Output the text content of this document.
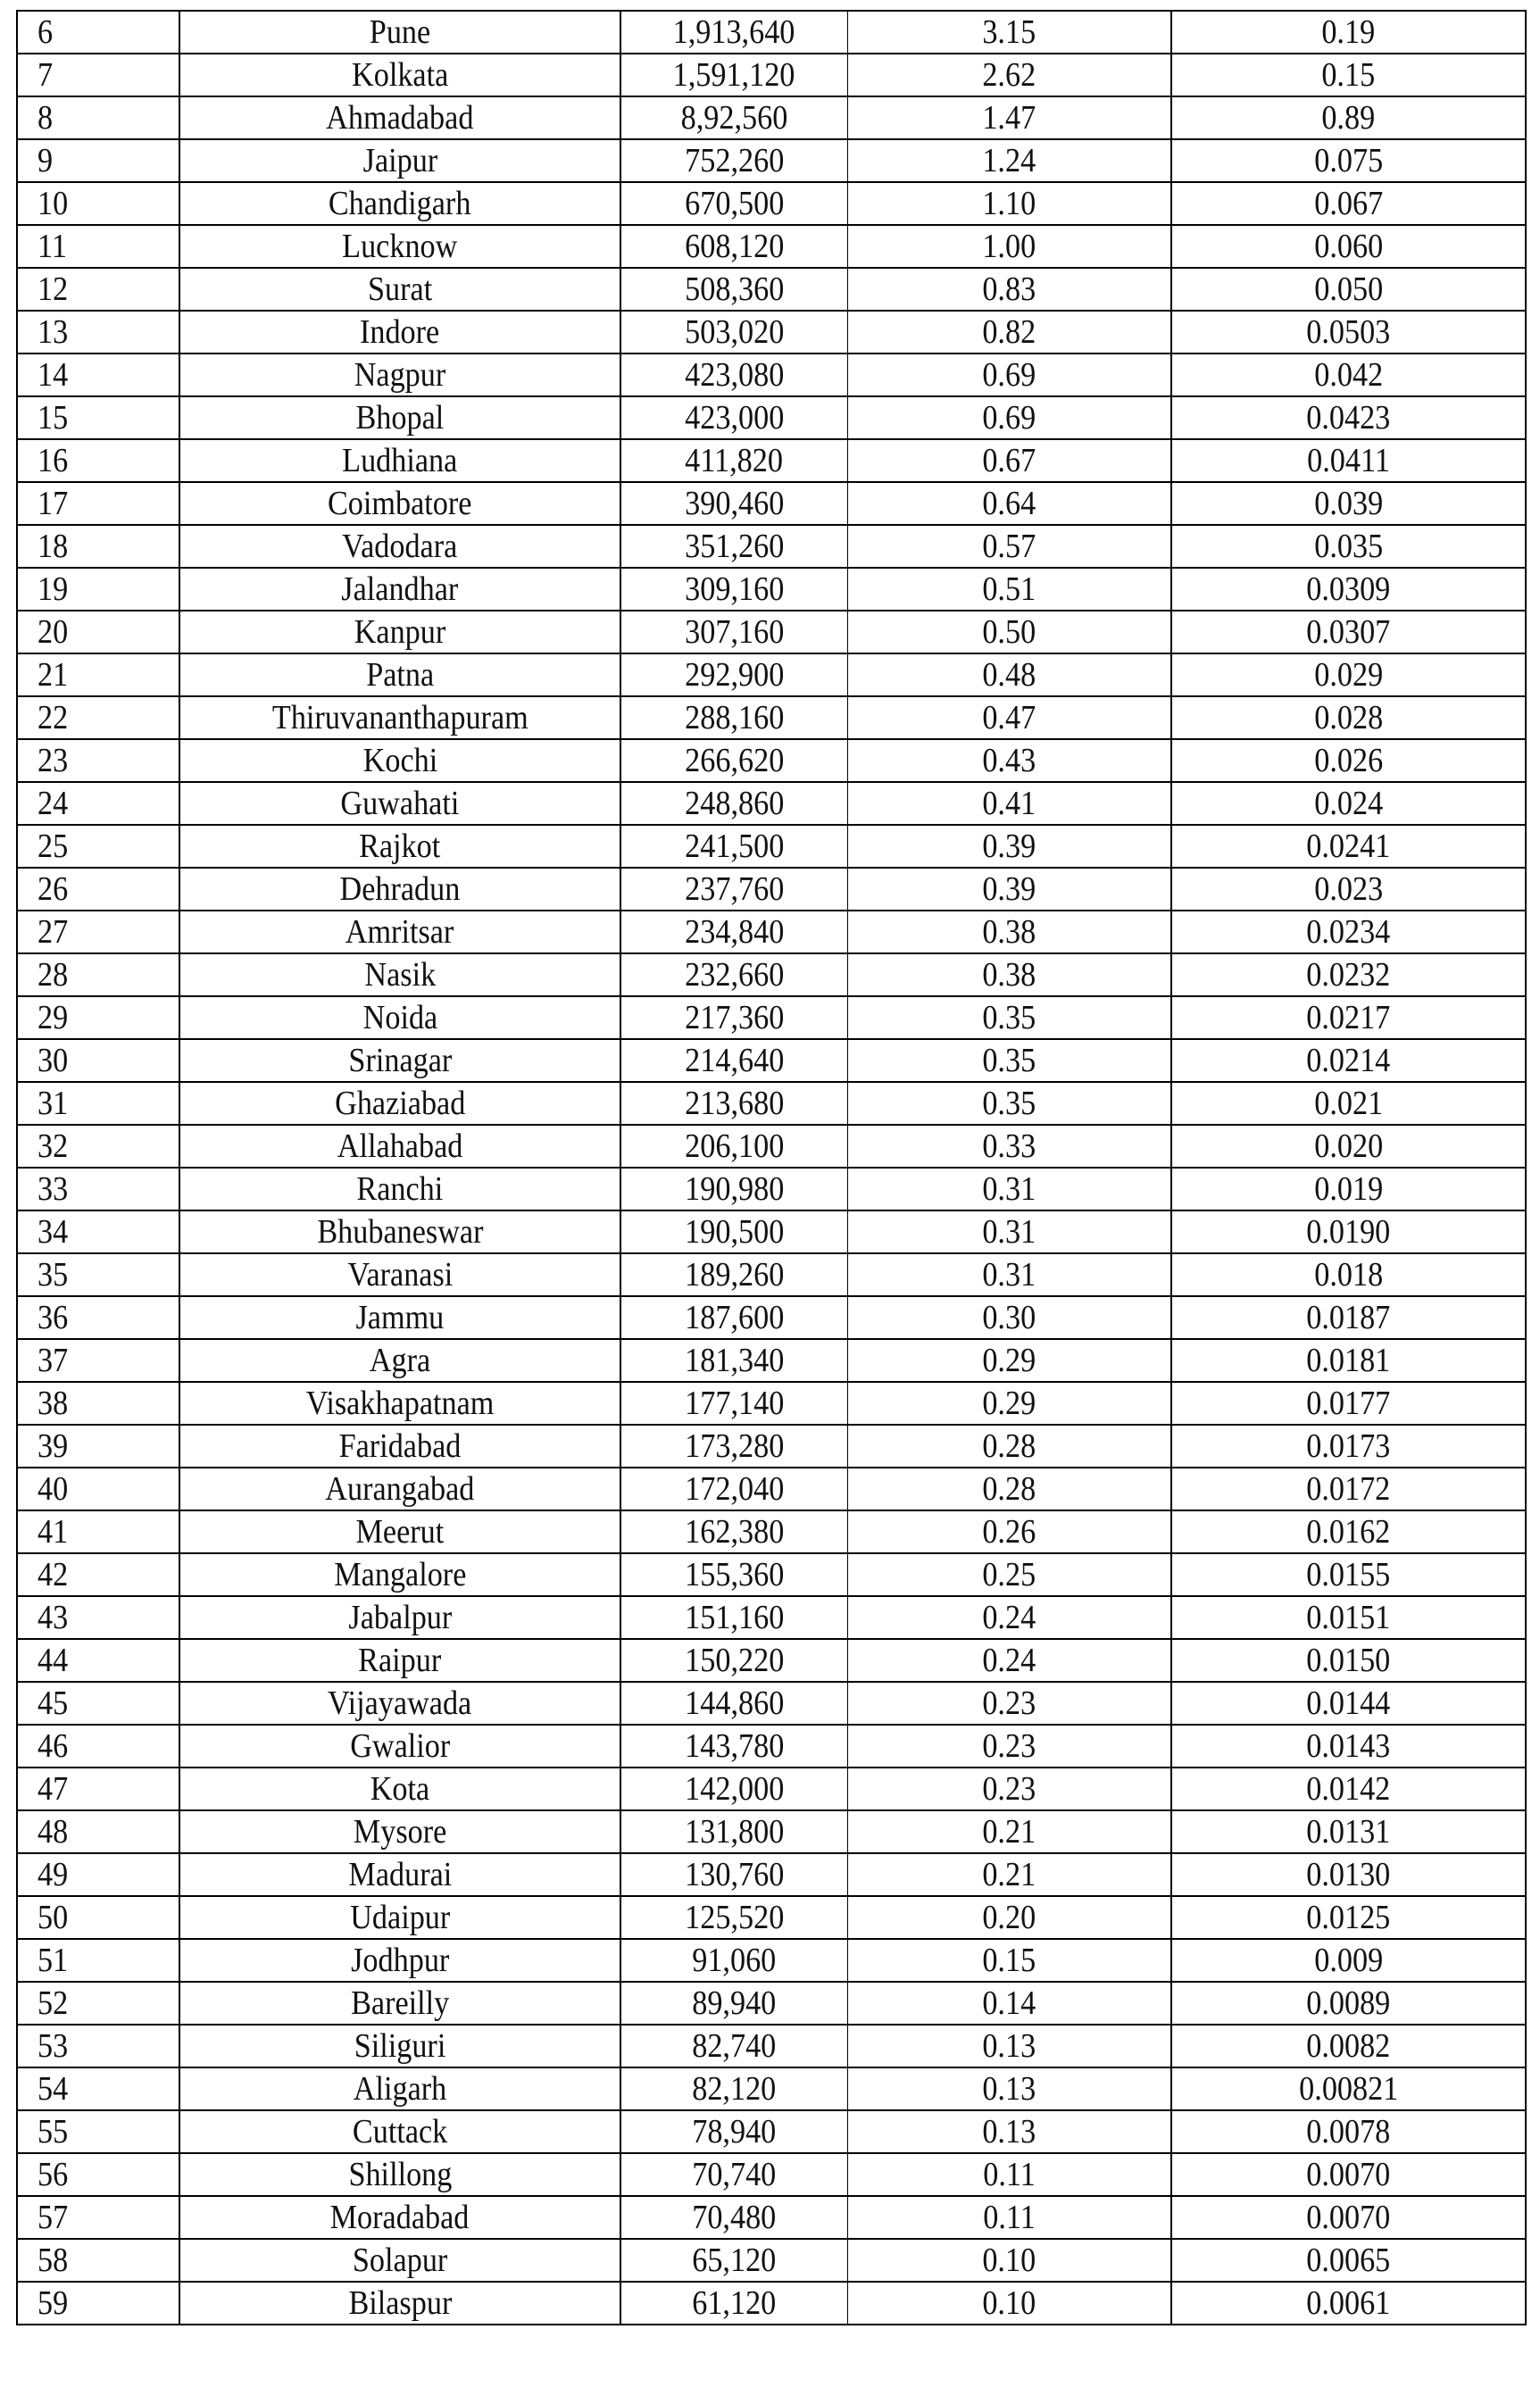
6	Pune	1,913,640	3.15	0.19
7	Kolkata	1,591,120	2.62	0.15
8	Ahmadabad	8,92,560	1.47	0.89
9	Jaipur	752,260	1.24	0.075
10	Chandigarh	670,500	1.10	0.067
11	Lucknow	608,120	1.00	0.060
12	Surat	508,360	0.83	0.050
13	Indore	503,020	0.82	0.0503
14	Nagpur	423,080	0.69	0.042
15	Bhopal	423,000	0.69	0.0423
16	Ludhiana	411,820	0.67	0.0411
17	Coimbatore	390,460	0.64	0.039
18	Vadodara	351,260	0.57	0.035
19	Jalandhar	309,160	0.51	0.0309
20	Kanpur	307,160	0.50	0.0307
21	Patna	292,900	0.48	0.029
22	Thiruvananthapuram	288,160	0.47	0.028
23	Kochi	266,620	0.43	0.026
24	Guwahati	248,860	0.41	0.024
25	Rajkot	241,500	0.39	0.0241
26	Dehradun	237,760	0.39	0.023
27	Amritsar	234,840	0.38	0.0234
28	Nasik	232,660	0.38	0.0232
29	Noida	217,360	0.35	0.0217
30	Srinagar	214,640	0.35	0.0214
31	Ghaziabad	213,680	0.35	0.021
32	Allahabad	206,100	0.33	0.020
33	Ranchi	190,980	0.31	0.019
34	Bhubaneswar	190,500	0.31	0.0190
35	Varanasi	189,260	0.31	0.018
36	Jammu	187,600	0.30	0.0187
37	Agra	181,340	0.29	0.0181
38	Visakhapatnam	177,140	0.29	0.0177
39	Faridabad	173,280	0.28	0.0173
40	Aurangabad	172,040	0.28	0.0172
41	Meerut	162,380	0.26	0.0162
42	Mangalore	155,360	0.25	0.0155
43	Jabalpur	151,160	0.24	0.0151
44	Raipur	150,220	0.24	0.0150
45	Vijayawada	144,860	0.23	0.0144
46	Gwalior	143,780	0.23	0.0143
47	Kota	142,000	0.23	0.0142
48	Mysore	131,800	0.21	0.0131
49	Madurai	130,760	0.21	0.0130
50	Udaipur	125,520	0.20	0.0125
51	Jodhpur	91,060	0.15	0.009
52	Bareilly	89,940	0.14	0.0089
53	Siliguri	82,740	0.13	0.0082
54	Aligarh	82,120	0.13	0.00821
55	Cuttack	78,940	0.13	0.0078
56	Shillong	70,740	0.11	0.0070
57	Moradabad	70,480	0.11	0.0070
58	Solapur	65,120	0.10	0.0065
59	Bilaspur	61,120	0.10	0.0061
